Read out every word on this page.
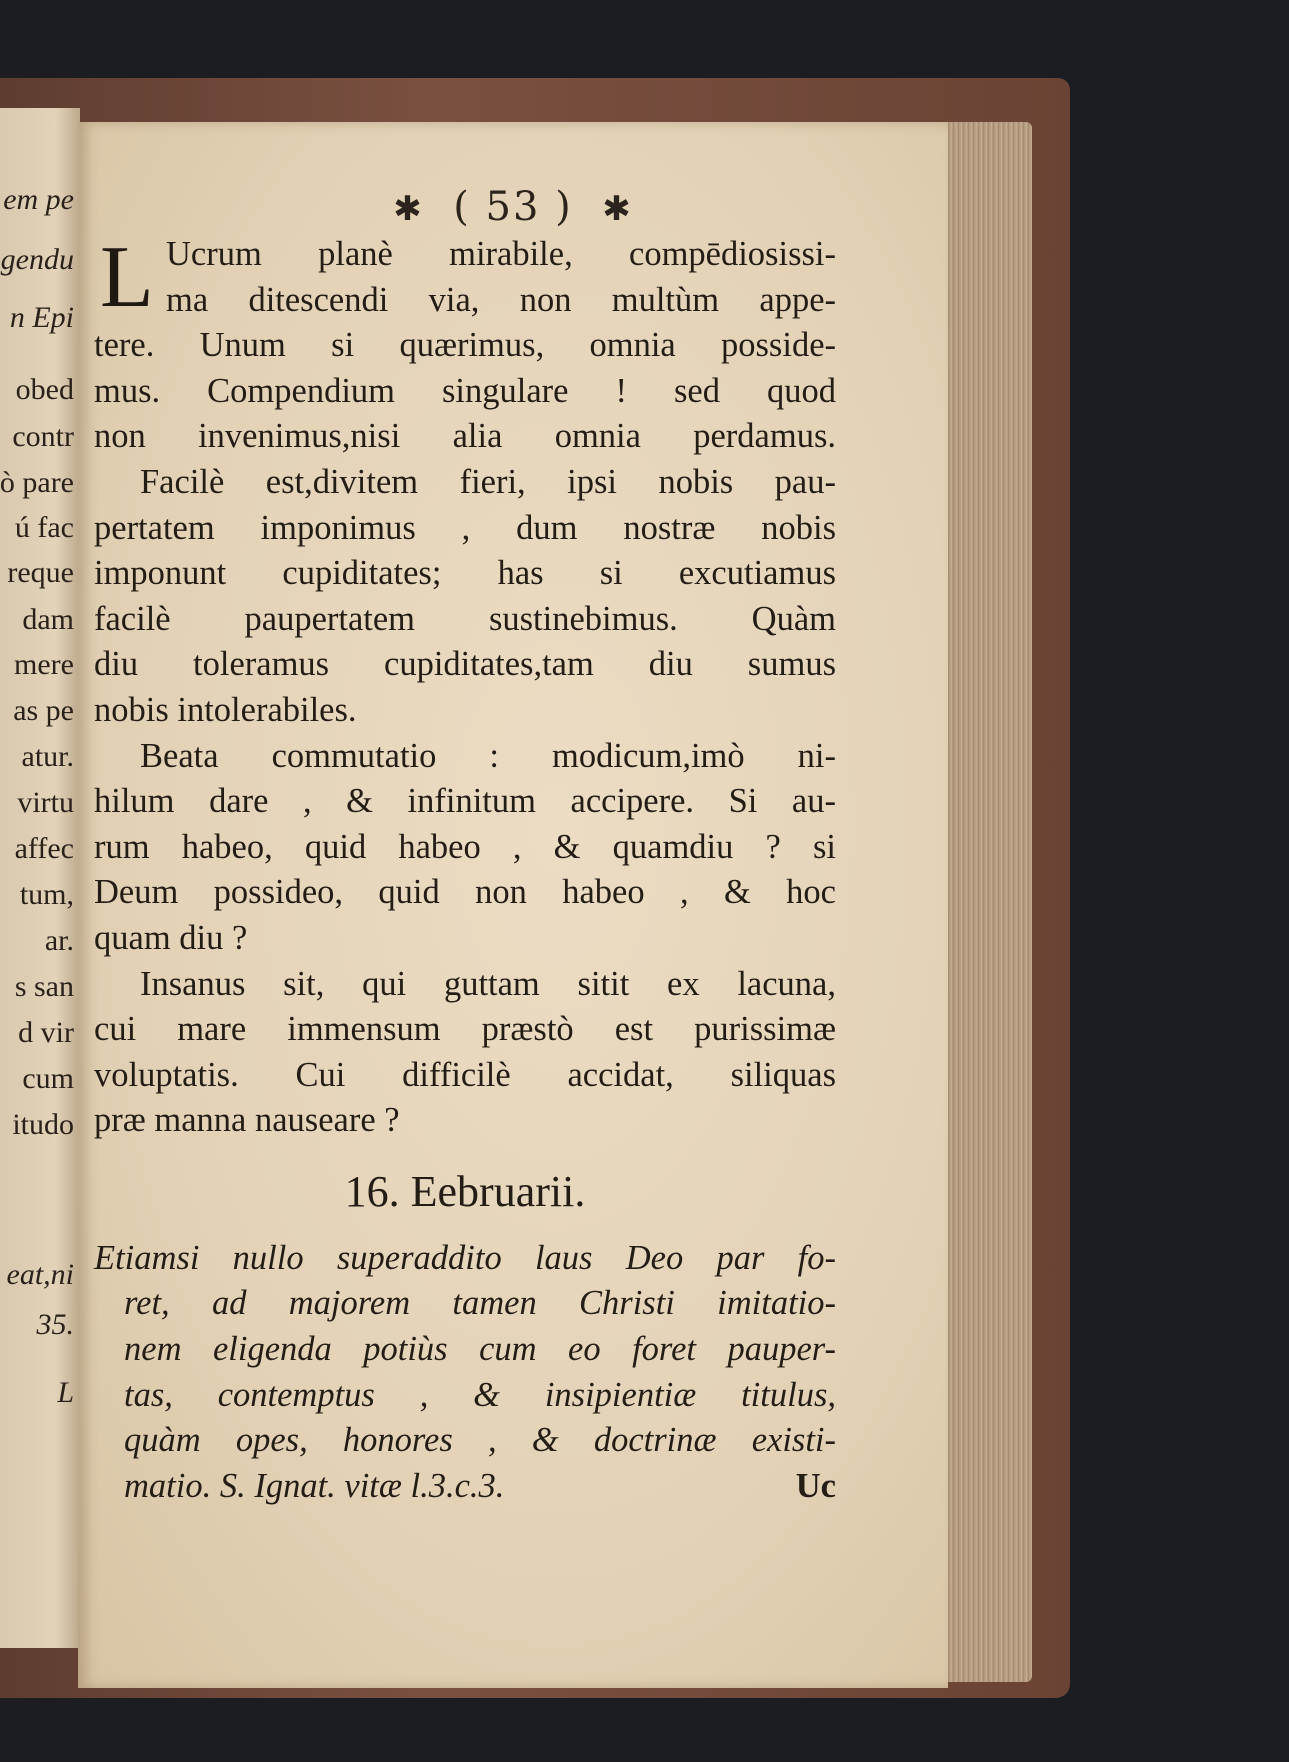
em pe
gendu
n Epi
obed
contr
ò pare
ú fac
reque
dam
mere
as pe
atur.
virtu
affec
tum,
ar.
s san
d vir
cum
itudo
eat,ni
35.
L
✱ ( 53 ) ✱
L Ucrum planè mirabile, compēdiosissi-
ma ditescendi via, non multùm appe-
tere. Unum si quærimus, omnia posside-
mus. Compendium singulare ! sed quod
non invenimus,nisi alia omnia perdamus.
Facilè est,divitem fieri, ipsi nobis pau-
pertatem imponimus , dum nostræ nobis
imponunt cupiditates; has si excutiamus
facilè paupertatem sustinebimus. Quàm
diu toleramus cupiditates,tam diu sumus
nobis intolerabiles.
Beata commutatio : modicum,imò ni-
hilum dare , & infinitum accipere. Si au-
rum habeo, quid habeo , & quamdiu ? si
Deum possideo, quid non habeo , & hoc
quam diu ?
Insanus sit, qui guttam sitit ex lacuna,
cui mare immensum præstò est purissimæ
voluptatis. Cui difficilè accidat, siliquas
præ manna nauseare ?
16. Eebruarii.
Etiamsi nullo superaddito laus Deo par fo-
ret, ad majorem tamen Christi imitatio-
nem eligenda potiùs cum eo foret pauper-
tas, contemptus , & insipientiæ titulus,
quàm opes, honores , & doctrinæ existi-
matio. S. Ignat. vitæ l.3.c.3.	Uc
